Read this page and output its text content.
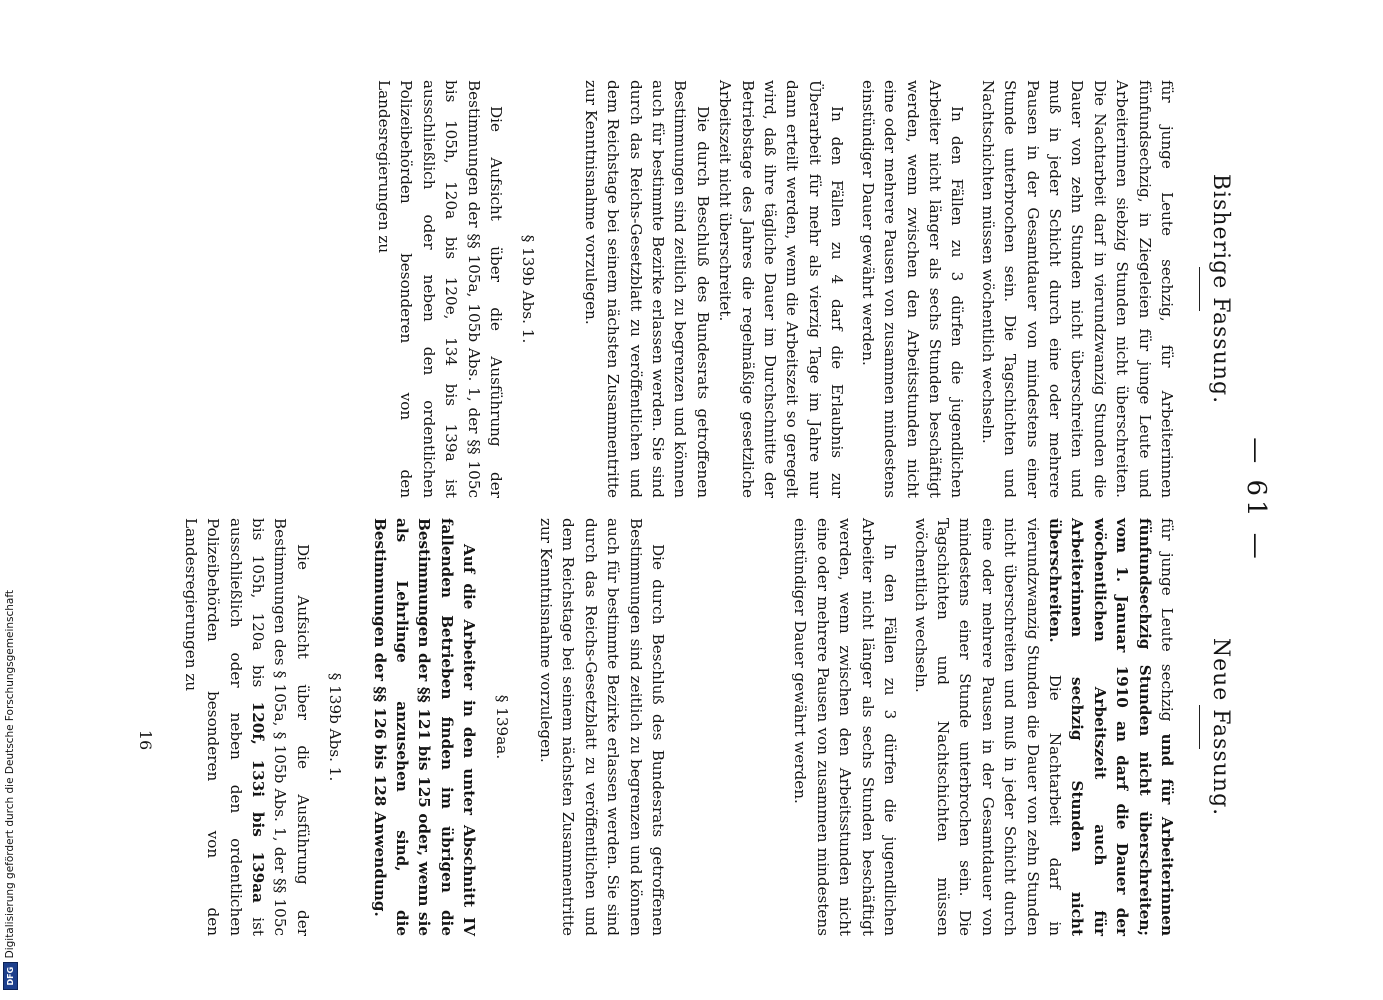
— 61 —
Bisherige Fassung.

für junge Leute sechzig, für Arbeiterinnen fünfundsechzig, in Ziegeleien für junge Leute und Arbeiterinnen siebzig Stunden nicht überschreiten. Die Nachtarbeit darf in vierundzwanzig Stunden die Dauer von zehn Stunden nicht überschreiten und muß in jeder Schicht durch eine oder mehrere Pausen in der Gesamtdauer von mindestens einer Stunde unterbrochen sein. Die Tagschichten und Nachtschichten müssen wöchentlich wechseln.

In den Fällen zu 3 dürfen die jugendlichen Arbeiter nicht länger als sechs Stunden beschäftigt werden, wenn zwischen den Arbeitsstunden nicht eine oder mehrere Pausen von zusammen mindestens einstündiger Dauer gewährt werden.

In den Fällen zu 4 darf die Erlaubnis zur Überarbeit für mehr als vierzig Tage im Jahre nur dann erteilt werden, wenn die Arbeitszeit so geregelt wird, daß ihre tägliche Dauer im Durchschnitte der Betriebstage des Jahres die regelmäßige gesetzliche Arbeitszeit nicht überschreitet.

Die durch Beschluß des Bundesrats getroffenen Bestimmungen sind zeitlich zu begrenzen und können auch für bestimmte Bezirke erlassen werden. Sie sind durch das Reichs-Gesetzblatt zu veröffentlichen und dem Reichstage bei seinem nächsten Zusammentritte zur Kenntnisnahme vorzulegen.

§ 139b Abs. 1.

Die Aufsicht über die Ausführung der Bestimmungen der §§ 105a, 105b Abs. 1, der §§ 105c bis 105h, 120a bis 120e, 134 bis 139a ist ausschließlich oder neben den ordentlichen Polizeibehörden besonderen von den Landesregierungen zu

Neue Fassung.

für junge Leute sechzig und für Arbeiterinnen fünfundsechzig Stunden nicht überschreiten; vom 1. Januar 1910 an darf die Dauer der wöchentlichen Arbeitszeit auch für Arbeiterinnen sechzig Stunden nicht überschreiten. Die Nachtarbeit darf in vierundzwanzig Stunden die Dauer von zehn Stunden nicht überschreiten und muß in jeder Schicht durch eine oder mehrere Pausen in der Gesamtdauer von mindestens einer Stunde unterbrochen sein. Die Tagschichten und Nachtschichten müssen wöchentlich wechseln.

In den Fällen zu 3 dürfen die jugendlichen Arbeiter nicht länger als sechs Stunden beschäftigt werden, wenn zwischen den Arbeitsstunden nicht eine oder mehrere Pausen von zusammen mindestens einstündiger Dauer gewährt werden.

Die durch Beschluß des Bundesrats getroffenen Bestimmungen sind zeitlich zu begrenzen und können auch für bestimmte Bezirke erlassen werden. Sie sind durch das Reichs-Gesetzblatt zu veröffentlichen und dem Reichstage bei seinem nächsten Zusammentritte zur Kenntnisnahme vorzulegen.

§ 139aa.

Auf die Arbeiter in den unter Abschnitt IV fallenden Betrieben finden im übrigen die Bestimmungen der §§ 121 bis 125 oder, wenn sie als Lehrlinge anzusehen sind, die Bestimmungen der §§ 126 bis 128 Anwendung.

§ 139b Abs. 1.

Die Aufsicht über die Ausführung der Bestimmungen des § 105a, § 105b Abs. 1, der §§ 105c bis 105h, 120a bis 120f, 133i bis 139aa ist ausschließlich oder neben den ordentlichen Polizeibehörden besonderen von den Landesregierungen zu

16
DFG
Digitalisierung gefördert durch die Deutsche Forschungsgemeinschaft
